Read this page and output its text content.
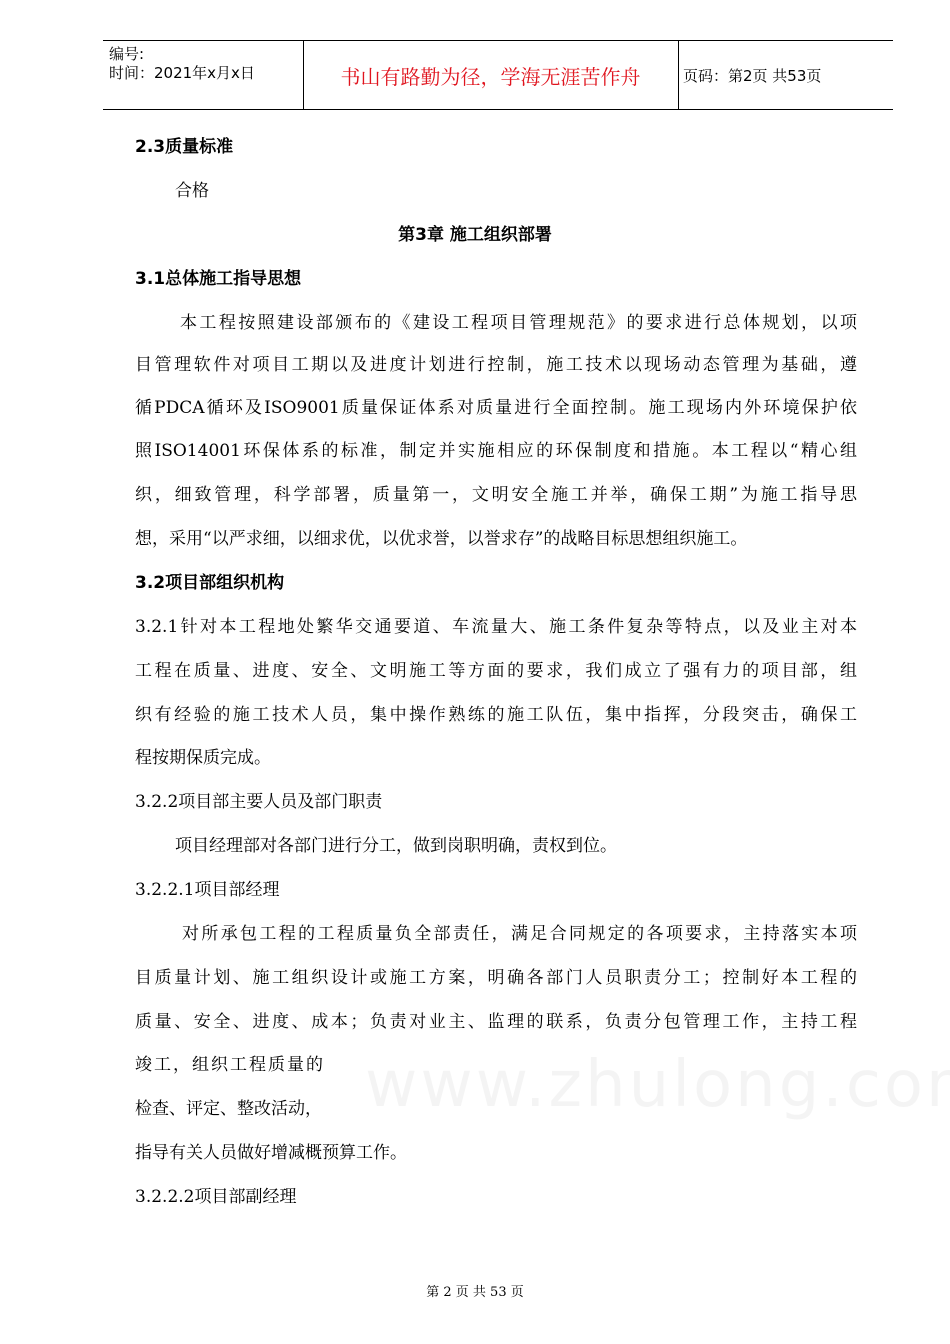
编号:
时间：2021年x月x日	书山有路勤为径，学海无涯苦作舟	页码：第2页 共53页
2.3质量标准
合格
第3章 施工组织部署
3.1总体施工指导思想
本工程按照建设部颁布的《建设工程项目管理规范》的要求进行总体规划，以项
目管理软件对项目工期以及进度计划进行控制，施工技术以现场动态管理为基础，遵
循PDCA循环及ISO9001质量保证体系对质量进行全面控制。施工现场内外环境保护依
照ISO14001环保体系的标准，制定并实施相应的环保制度和措施。本工程以“精心组
织，细致管理，科学部署，质量第一，文明安全施工并举，确保工期”为施工指导思
想，采用“以严求细，以细求优，以优求誉，以誉求存”的战略目标思想组织施工。
3.2项目部组织机构
3.2.1针对本工程地处繁华交通要道、车流量大、施工条件复杂等特点，以及业主对本
工程在质量、进度、安全、文明施工等方面的要求，我们成立了强有力的项目部，组
织有经验的施工技术人员，集中操作熟练的施工队伍，集中指挥，分段突击，确保工
程按期保质完成。
3.2.2项目部主要人员及部门职责
项目经理部对各部门进行分工，做到岗职明确，责权到位。
3.2.2.1项目部经理
对所承包工程的工程质量负全部责任，满足合同规定的各项要求，主持落实本项
目质量计划、施工组织设计或施工方案，明确各部门人员职责分工；控制好本工程的
质量、安全、进度、成本；负责对业主、监理的联系，负责分包管理工作，主持工程
竣工，组织工程质量的
检查、评定、整改活动，
指导有关人员做好增减概预算工作。
3.2.2.2项目部副经理
第 2 页 共 53 页
